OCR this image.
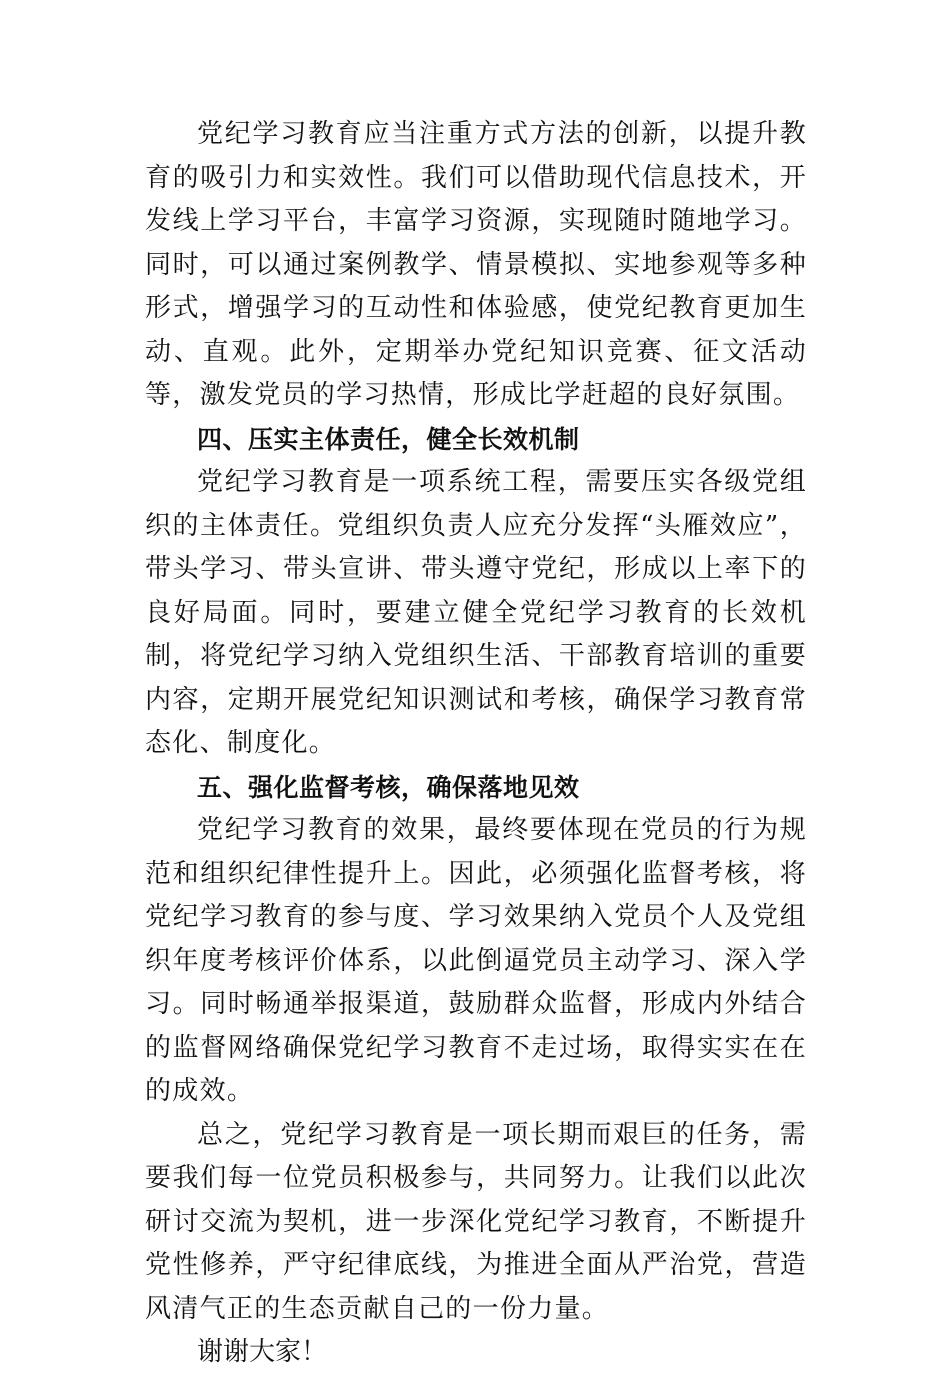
党纪学习教育应当注重方式方法的创新，以提升教育的吸引力和实效性。我们可以借助现代信息技术，开发线上学习平台，丰富学习资源，实现随时随地学习。同时，可以通过案例教学、情景模拟、实地参观等多种形式，增强学习的互动性和体验感，使党纪教育更加生动、直观。此外，定期举办党纪知识竞赛、征文活动等，激发党员的学习热情，形成比学赶超的良好氛围。

四、压实主体责任，健全长效机制

党纪学习教育是一项系统工程，需要压实各级党组织的主体责任。党组织负责人应充分发挥“头雁效应”，带头学习、带头宣讲、带头遵守党纪，形成以上率下的良好局面。同时，要建立健全党纪学习教育的长效机制，将党纪学习纳入党组织生活、干部教育培训的重要内容，定期开展党纪知识测试和考核，确保学习教育常态化、制度化。

五、强化监督考核，确保落地见效

党纪学习教育的效果，最终要体现在党员的行为规范和组织纪律性提升上。因此，必须强化监督考核，将党纪学习教育的参与度、学习效果纳入党员个人及党组织年度考核评价体系，以此倒逼党员主动学习、深入学习。同时畅通举报渠道，鼓励群众监督，形成内外结合的监督网络确保党纪学习教育不走过场，取得实实在在的成效。

总之，党纪学习教育是一项长期而艰巨的任务，需要我们每一位党员积极参与，共同努力。让我们以此次研讨交流为契机，进一步深化党纪学习教育，不断提升党性修养，严守纪律底线，为推进全面从严治党，营造风清气正的生态贡献自己的一份力量。

谢谢大家！
